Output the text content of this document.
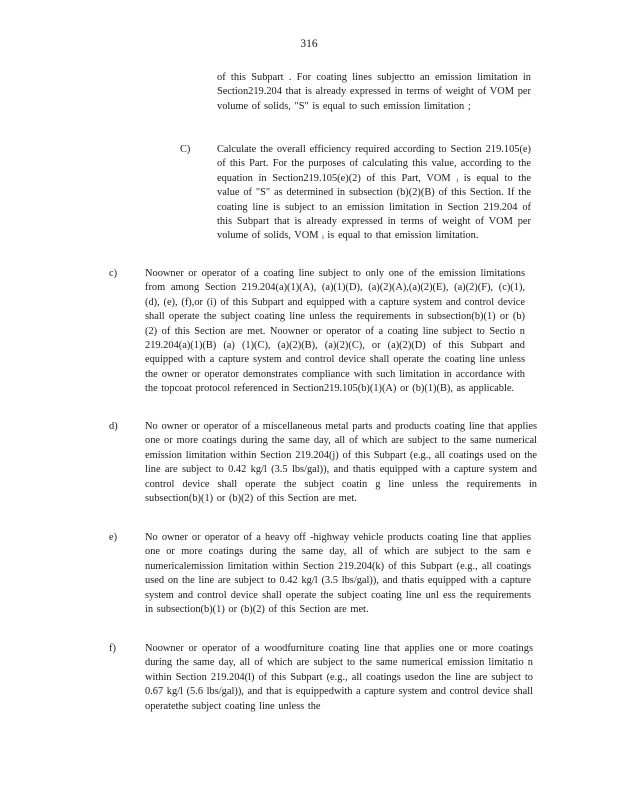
316
of this Subpart . For coating lines subjectto an emission limitation in Section219.204 that is already expressed in terms of weight of VOM per volume of solids, "S" is equal to such emission limitation ;
C)	Calculate the overall efficiency required according to Section 219.105(e) of this Part. For the purposes of calculating this value, according to the equation in Section219.105(e)(2) of this Part, VOM ᵢ is equal to the value of "S" as determined in subsection (b)(2)(B) of this Section. If the coating line is subject to an emission limitation in Section 219.204 of this Subpart that is already expressed in terms of weight of VOM per volume of solids, VOM ᵢ is equal to that emission limitation.
c)	Noowner or operator of a coating line subject to only one of the emission limitations from among Section 219.204(a)(1)(A), (a)(1)(D), (a)(2)(A),(a)(2)(E), (a)(2)(F), (c)(1), (d), (e), (f),or (i) of this Subpart and equipped with a capture system and control device shall operate the subject coating line unless the requirements in subsection(b)(1) or (b)(2) of this Section are met. Noowner or operator of a coating line subject to Sectio n 219.204(a)(1)(B) (a) (1)(C), (a)(2)(B), (a)(2)(C), or (a)(2)(D) of this Subpart and equipped with a capture system and control device shall operate the coating line unless the owner or operator demonstrates compliance with such limitation in accordance with the topcoat protocol referenced in Section219.105(b)(1)(A) or (b)(1)(B), as applicable.
d)	No owner or operator of a miscellaneous metal parts and products coating line that applies one or more coatings during the same day, all of which are subject to the same numerical emission limitation within Section 219.204(j) of this Subpart (e.g., all coatings used on the line are subject to 0.42 kg/l (3.5 lbs/gal)), and thatis equipped with a capture system and control device shall operate the subject coatin g line unless the requirements in subsection(b)(1) or (b)(2) of this Section are met.
e)	No owner or operator of a heavy off -highway vehicle products coating line that applies one or more coatings during the same day, all of which are subject to the sam e numericalemission limitation within Section 219.204(k) of this Subpart (e.g., all coatings used on the line are subject to 0.42 kg/l (3.5 lbs/gal)), and thatis equipped with a capture system and control device shall operate the subject coating line unl ess the requirements in subsection(b)(1) or (b)(2) of this Section are met.
f)	Noowner or operator of a woodfurniture coating line that applies one or more coatings during the same day, all of which are subject to the same numerical emission limitatio n within Section 219.204(l) of this Subpart (e.g., all coatings usedon the line are subject to 0.67 kg/l (5.6 lbs/gal)), and that is equippedwith a capture system and control device shall operatethe subject coating line unless the
